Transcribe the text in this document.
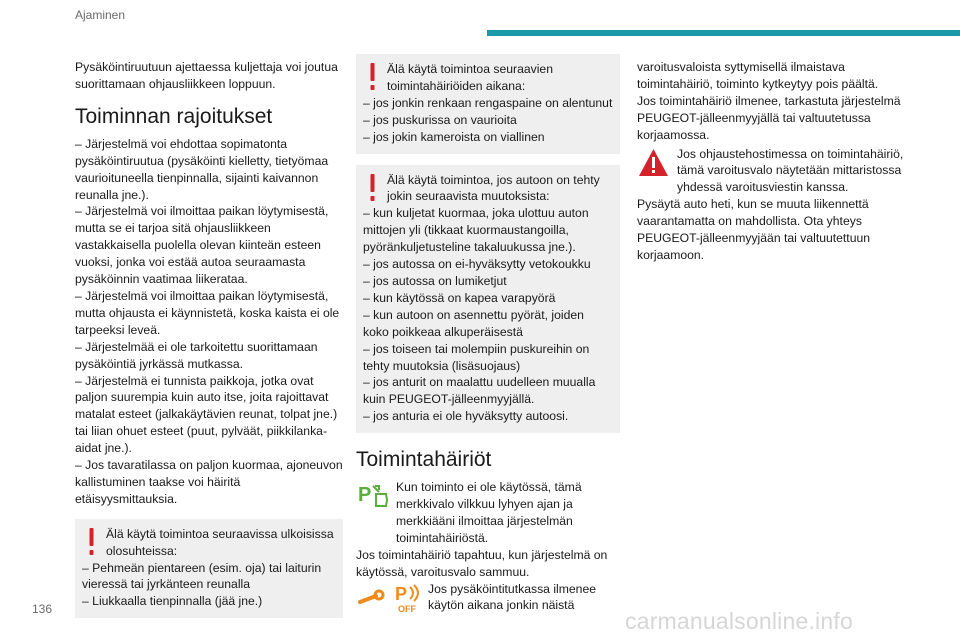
Ajaminen

Pysäköintiruutuun ajettaessa kuljettaja voi joutua suorittamaan ohjausliikkeen loppuun.

Toiminnan rajoitukset

– Järjestelmä voi ehdottaa sopimatonta pysäköintiruutua (pysäköinti kielletty, tietyömaa vaurioituneella tienpinnalla, sijainti kaivannon reunalla jne.).

– Järjestelmä voi ilmoittaa paikan löytymisestä, mutta se ei tarjoa sitä ohjausliikkeen vastakkaisella puolella olevan kiinteän esteen vuoksi, jonka voi estää autoa seuraamasta pysäköinnin vaatimaa liikerataa.

– Järjestelmä voi ilmoittaa paikan löytymisestä, mutta ohjausta ei käynnistetä, koska kaista ei ole tarpeeksi leveä.

– Järjestelmää ei ole tarkoitettu suorittamaan pysäköintiä jyrkässä mutkassa.

– Järjestelmä ei tunnista paikkoja, jotka ovat paljon suurempia kuin auto itse, joita rajoittavat matalat esteet (jalkakäytävien reunat, tolpat jne.) tai liian ohuet esteet (puut, pylväät, piikkilanka-aidat jne.).

– Jos tavaratilassa on paljon kuormaa, ajoneuvon kallistuminen taakse voi häiritä etäisyysmittauksia.

Älä käytä toimintoa seuraavissa ulkoisissa olosuhteissa:

– Pehmeän pientareen (esim. oja) tai laiturin vieressä tai jyrkänteen reunalla

– Liukkaalla tienpinnalla (jää jne.)

Älä käytä toimintoa seuraavien toimintahäiriöiden aikana:

– jos jonkin renkaan rengaspaine on alentunut

– jos puskurissa on vaurioita

– jos jokin kameroista on viallinen

Älä käytä toimintoa, jos autoon on tehty jokin seuraavista muutoksista:

– kun kuljetat kuormaa, joka ulottuu auton mittojen yli (tikkaat kuormaustangoilla, pyöränkuljetusteline takaluukussa jne.).

– jos autossa on ei-hyväksytty vetokoukku

– jos autossa on lumiketjut

– kun käytössä on kapea varapyörä

– kun autoon on asennettu pyörät, joiden koko poikkeaa alkuperäisestä

– jos toiseen tai molempiin puskureihin on tehty muutoksia (lisäsuojaus)

– jos anturit on maalattu uudelleen muualla kuin PEUGEOT-jälleenmyyjällä.

– jos anturia ei ole hyväksytty autoosi.

Toimintahäiriöt
P Kun toiminto ei ole käytössä, tämä merkkivalo vilkkuu lyhyen ajan ja merkkiääni ilmoittaa järjestelmän toimintahäiriöstä.

Jos toimintahäiriö tapahtuu, kun järjestelmä on käytössä, varoitusvalo sammuu.

P
OFF
Jos pysäköintitutkassa ilmenee käytön aikana jonkin näistä

varoitusvaloista syttymisellä ilmaistava toimintahäiriö, toiminto kytkeytyy pois päältä.

Jos toimintahäiriö ilmenee, tarkastuta järjestelmä PEUGEOT-jälleenmyyjällä tai valtuutetussa korjaamossa.

Jos ohjaustehostimessa on toimintahäiriö, tämä varoitusvalo näytetään mittaristossa yhdessä varoitusviestin kanssa.

Pysäytä auto heti, kun se muuta liikennettä vaarantamatta on mahdollista. Ota yhteys PEUGEOT-jälleenmyyjään tai valtuutettuun korjaamoon.

136	carmanualsonline.info
